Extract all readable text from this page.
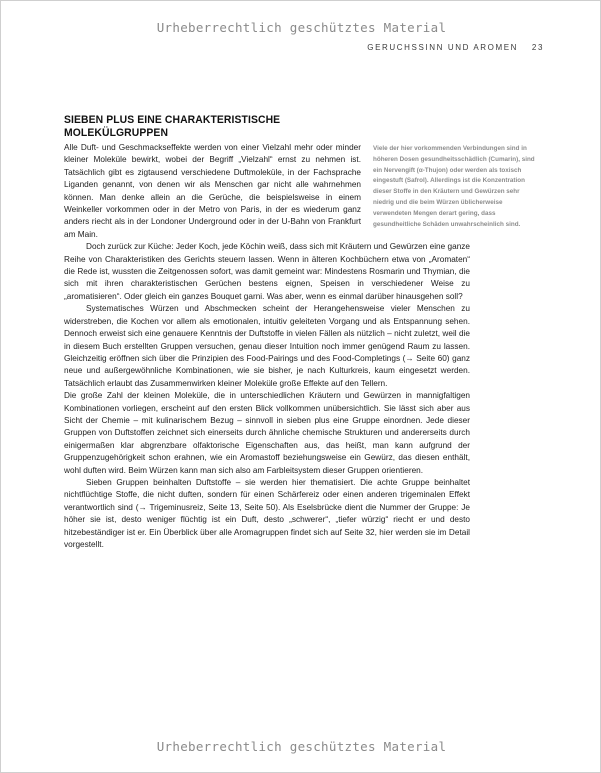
Urheberrechtlich geschütztes Material
GERUCHSSINN UND AROMEN 23
SIEBEN PLUS EINE CHARAKTERISTISCHE MOLEKÜLGRUPPEN
Viele der hier vorkommenden Verbindungen sind in höheren Dosen gesundheitsschädlich (Cumarin), sind ein Nervengift (α-Thujon) oder werden als toxisch eingestuft (Safrol). Allerdings ist die Konzentration dieser Stoffe in den Kräutern und Gewürzen sehr niedrig und die beim Würzen üblicherweise verwendeten Mengen derart gering, dass gesundheitliche Schäden unwahrscheinlich sind.

Alle Duft- und Geschmackseffekte werden von einer Vielzahl mehr oder minder kleiner Moleküle bewirkt, wobei der Begriff „Vielzahl“ ernst zu nehmen ist. Tatsächlich gibt es zigtausend verschiedene Duftmoleküle, in der Fachsprache Liganden genannt, von denen wir als Menschen gar nicht alle wahrnehmen können. Man denke allein an die Gerüche, die beispielsweise in einem Weinkeller vorkommen oder in der Metro von Paris, in der es wiederum ganz anders riecht als in der Londoner Underground oder in der U-Bahn von Frankfurt am Main.

Doch zurück zur Küche: Jeder Koch, jede Köchin weiß, dass sich mit Kräutern und Gewürzen eine ganze Reihe von Charakteristiken des Gerichts steuern lassen. Wenn in älteren Kochbüchern etwa von „Aromaten“ die Rede ist, wussten die Zeitgenossen sofort, was damit gemeint war: Mindestens Rosmarin und Thymian, die sich mit ihren charakteristischen Gerüchen bestens eignen, Speisen in verschiedener Weise zu „aromatisieren“. Oder gleich ein ganzes Bouquet garni. Was aber, wenn es einmal darüber hinausgehen soll?

Systematisches Würzen und Abschmecken scheint der Herangehensweise vieler Menschen zu widerstreben, die Kochen vor allem als emotionalen, intuitiv geleiteten Vorgang und als Entspannung sehen. Dennoch erweist sich eine genauere Kenntnis der Duftstoffe in vielen Fällen als nützlich – nicht zuletzt, weil die in diesem Buch erstellten Gruppen versuchen, genau dieser Intuition noch immer genügend Raum zu lassen. Gleichzeitig eröffnen sich über die Prinzipien des Food-Pairings und des Food-Completings (→ Seite 60) ganz neue und außergewöhnliche Kombinationen, wie sie bisher, je nach Kulturkreis, kaum eingesetzt werden. Tatsächlich erlaubt das Zusammenwirken kleiner Moleküle große Effekte auf den Tellern.

Die große Zahl der kleinen Moleküle, die in unterschiedlichen Kräutern und Gewürzen in mannigfaltigen Kombinationen vorliegen, erscheint auf den ersten Blick vollkommen unübersichtlich. Sie lässt sich aber aus Sicht der Chemie – mit kulinarischem Bezug – sinnvoll in sieben plus eine Gruppe einordnen. Jede dieser Gruppen von Duftstoffen zeichnet sich einerseits durch ähnliche chemische Strukturen und andererseits durch einigermaßen klar abgrenzbare olfaktorische Eigenschaften aus, das heißt, man kann aufgrund der Gruppenzugehörigkeit schon erahnen, wie ein Aromastoff beziehungsweise ein Gewürz, das diesen enthält, wohl duften wird. Beim Würzen kann man sich also am Farbleitsystem dieser Gruppen orientieren.

Sieben Gruppen beinhalten Duftstoffe – sie werden hier thematisiert. Die achte Gruppe beinhaltet nichtflüchtige Stoffe, die nicht duften, sondern für einen Schärfereiz oder einen anderen trigeminalen Effekt verantwortlich sind (→ Trigeminusreiz, Seite 13, Seite 50). Als Eselsbrücke dient die Nummer der Gruppe: Je höher sie ist, desto weniger flüchtig ist ein Duft, desto „schwerer“, „tiefer würzig“ riecht er und desto hitzebeständiger ist er. Ein Überblick über alle Aromagruppen findet sich auf Seite 32, hier werden sie im Detail vorgestellt.

Urheberrechtlich geschütztes Material
